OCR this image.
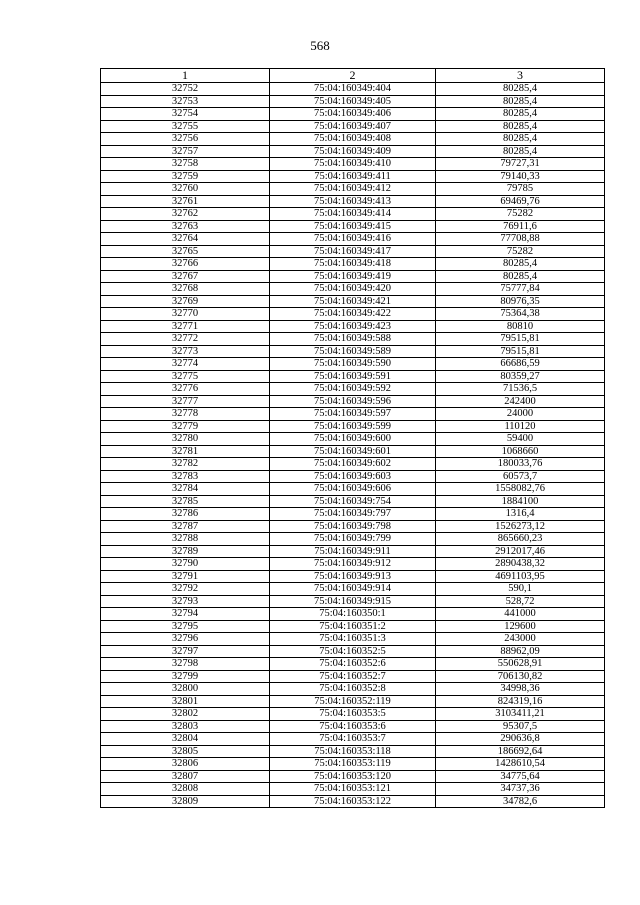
568
1	2	3
32752	75:04:160349:404	80285,4
32753	75:04:160349:405	80285,4
32754	75:04:160349:406	80285,4
32755	75:04:160349:407	80285,4
32756	75:04:160349:408	80285,4
32757	75:04:160349:409	80285,4
32758	75:04:160349:410	79727,31
32759	75:04:160349:411	79140,33
32760	75:04:160349:412	79785
32761	75:04:160349:413	69469,76
32762	75:04:160349:414	75282
32763	75:04:160349:415	76911,6
32764	75:04:160349:416	77708,88
32765	75:04:160349:417	75282
32766	75:04:160349:418	80285,4
32767	75:04:160349:419	80285,4
32768	75:04:160349:420	75777,84
32769	75:04:160349:421	80976,35
32770	75:04:160349:422	75364,38
32771	75:04:160349:423	80810
32772	75:04:160349:588	79515,81
32773	75:04:160349:589	79515,81
32774	75:04:160349:590	66686,59
32775	75:04:160349:591	80359,27
32776	75:04:160349:592	71536,5
32777	75:04:160349:596	242400
32778	75:04:160349:597	24000
32779	75:04:160349:599	110120
32780	75:04:160349:600	59400
32781	75:04:160349:601	1068660
32782	75:04:160349:602	180033,76
32783	75:04:160349:603	60573,7
32784	75:04:160349:606	1558082,76
32785	75:04:160349:754	1884100
32786	75:04:160349:797	1316,4
32787	75:04:160349:798	1526273,12
32788	75:04:160349:799	865660,23
32789	75:04:160349:911	2912017,46
32790	75:04:160349:912	2890438,32
32791	75:04:160349:913	4691103,95
32792	75:04:160349:914	590,1
32793	75:04:160349:915	528,72
32794	75:04:160350:1	441000
32795	75:04:160351:2	129600
32796	75:04:160351:3	243000
32797	75:04:160352:5	88962,09
32798	75:04:160352:6	550628,91
32799	75:04:160352:7	706130,82
32800	75:04:160352:8	34998,36
32801	75:04:160352:119	824319,16
32802	75:04:160353:5	3103411,21
32803	75:04:160353:6	95307,5
32804	75:04:160353:7	290636,8
32805	75:04:160353:118	186692,64
32806	75:04:160353:119	1428610,54
32807	75:04:160353:120	34775,64
32808	75:04:160353:121	34737,36
32809	75:04:160353:122	34782,6
